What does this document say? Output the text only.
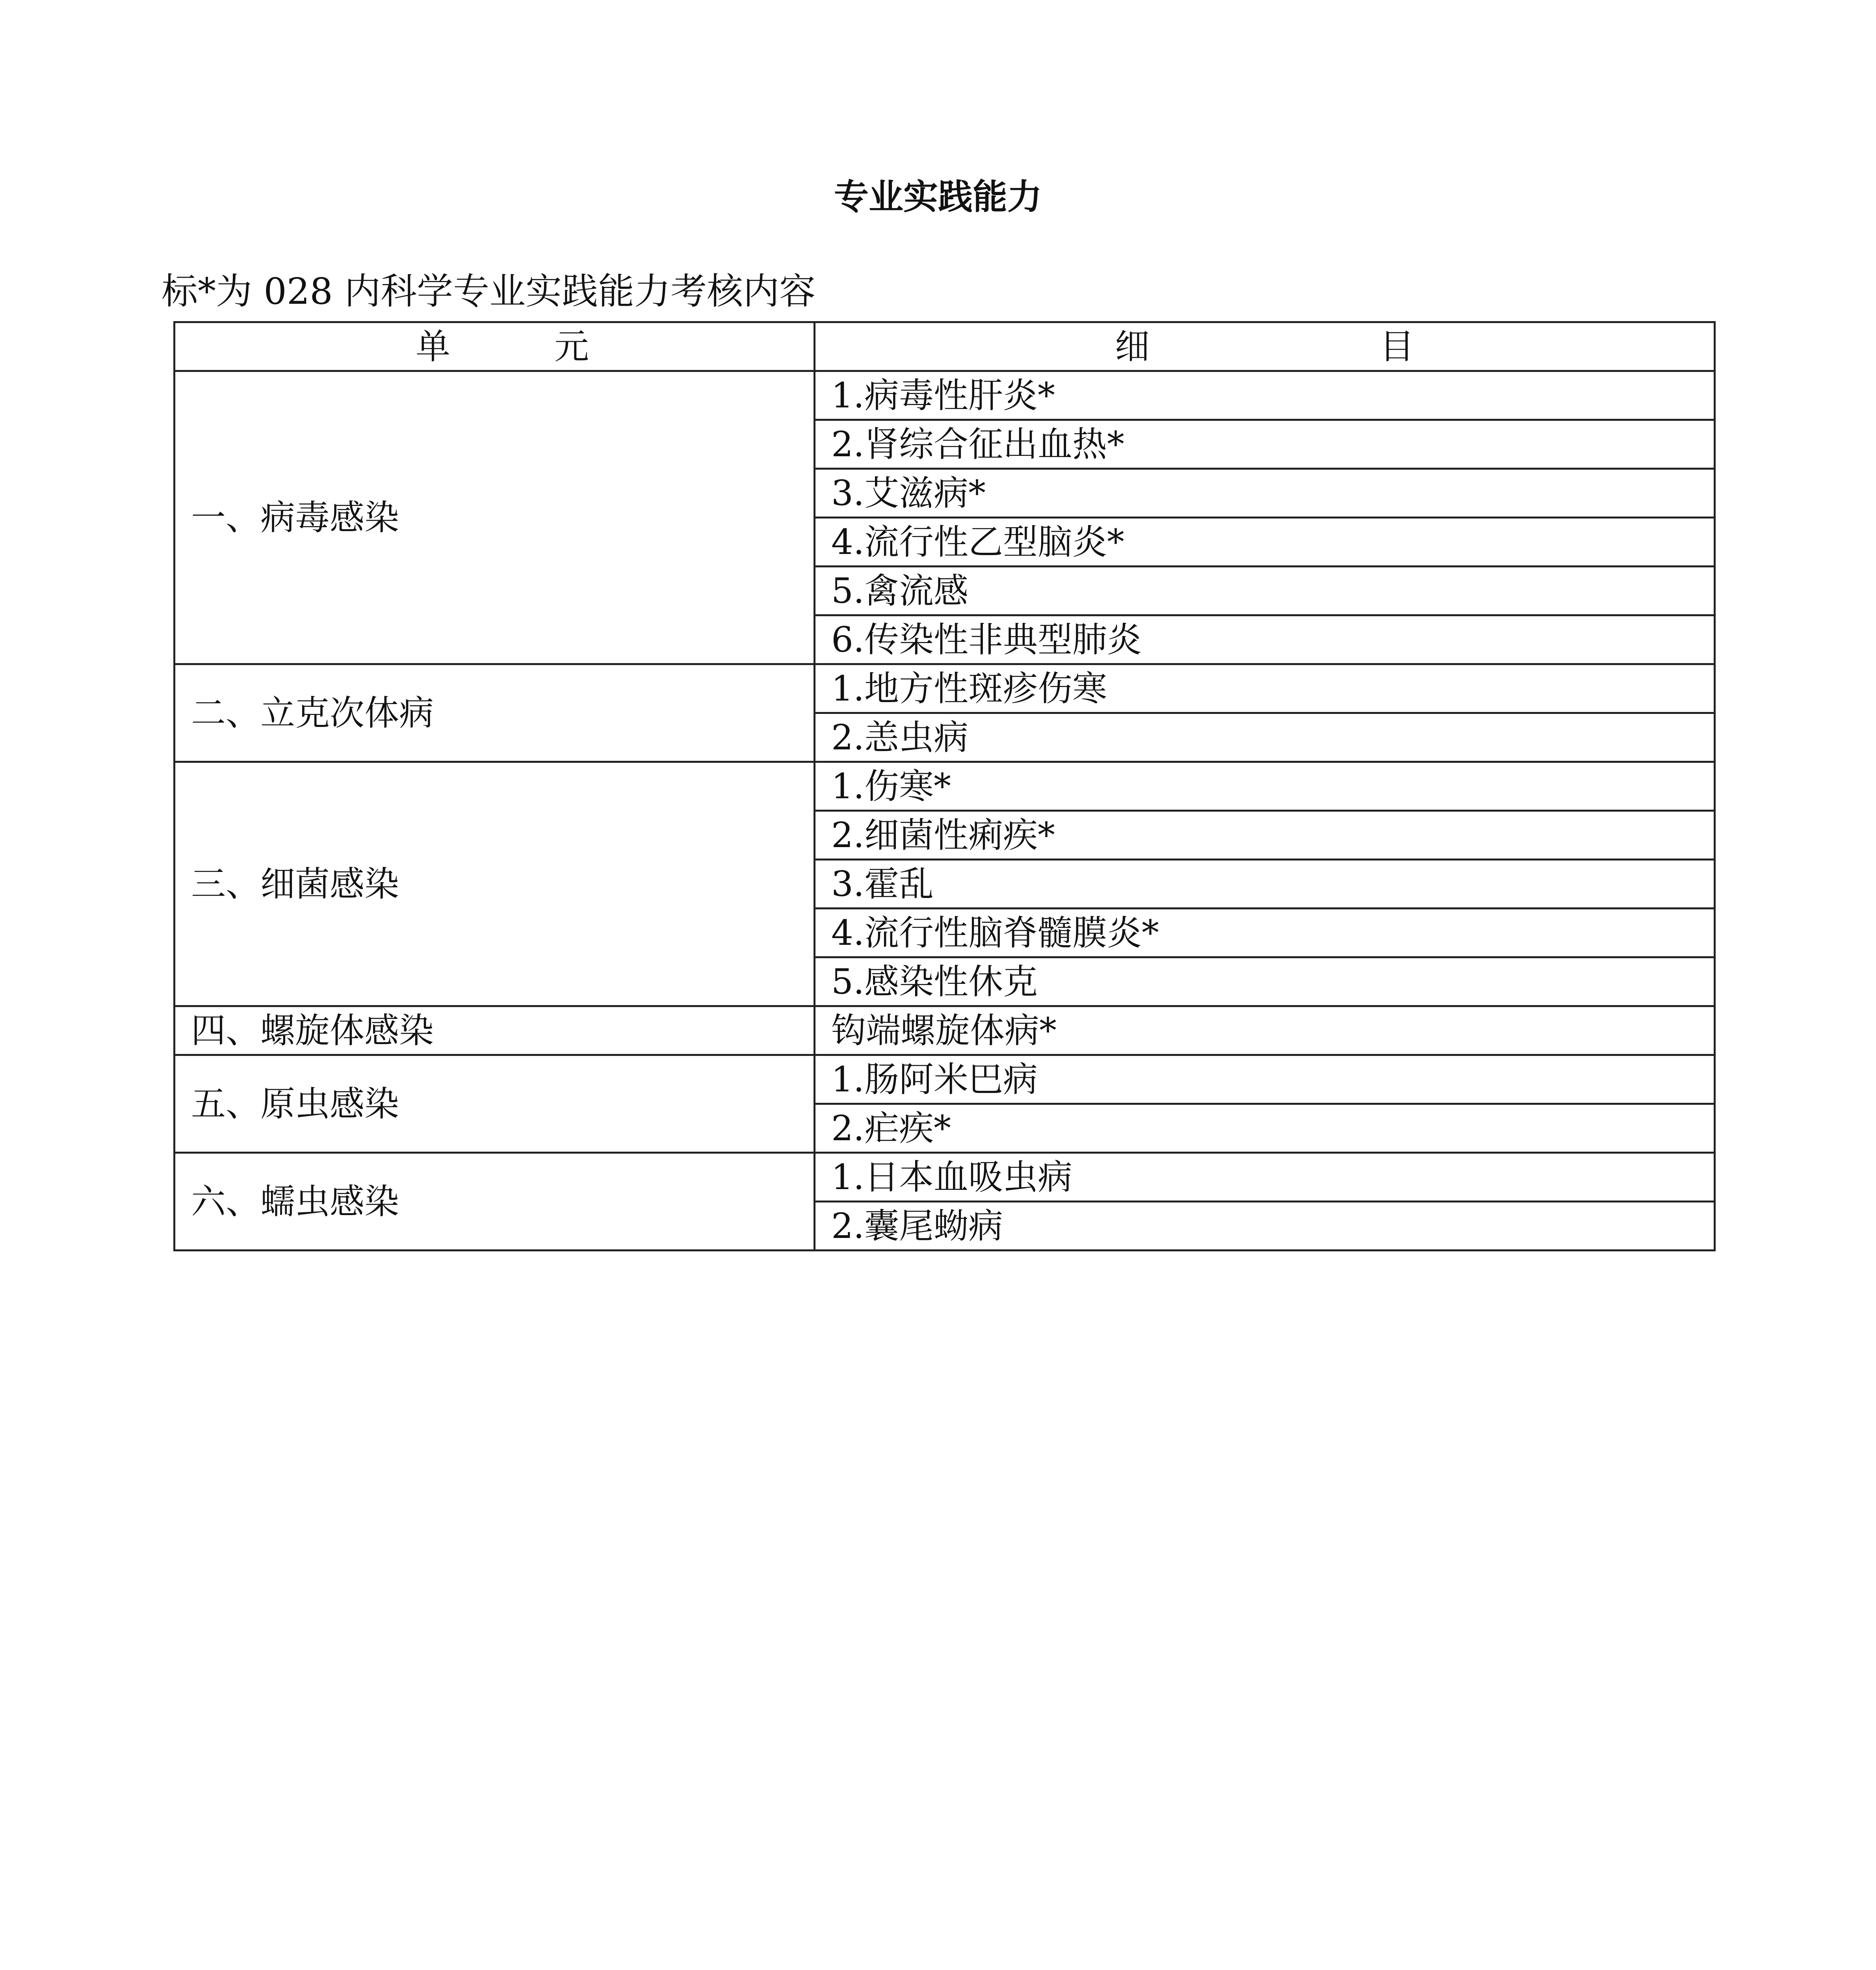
专业实践能力
标*为 028 内科学专业实践能力考核内容
单 元	细 目

一、病毒感染	1.病毒性肝炎*
	2.肾综合征出血热*
	3.艾滋病*
	4.流行性乙型脑炎*
	5.禽流感
	6.传染性非典型肺炎
二、立克次体病	1.地方性斑疹伤寒
	2.恙虫病
三、细菌感染	1.伤寒*
	2.细菌性痢疾*
	3.霍乱
	4.流行性脑脊髓膜炎*
	5.感染性休克
四、螺旋体感染	钩端螺旋体病*
五、原虫感染	1.肠阿米巴病
	2.疟疾*
六、蠕虫感染	1.日本血吸虫病
	2.囊尾蚴病
